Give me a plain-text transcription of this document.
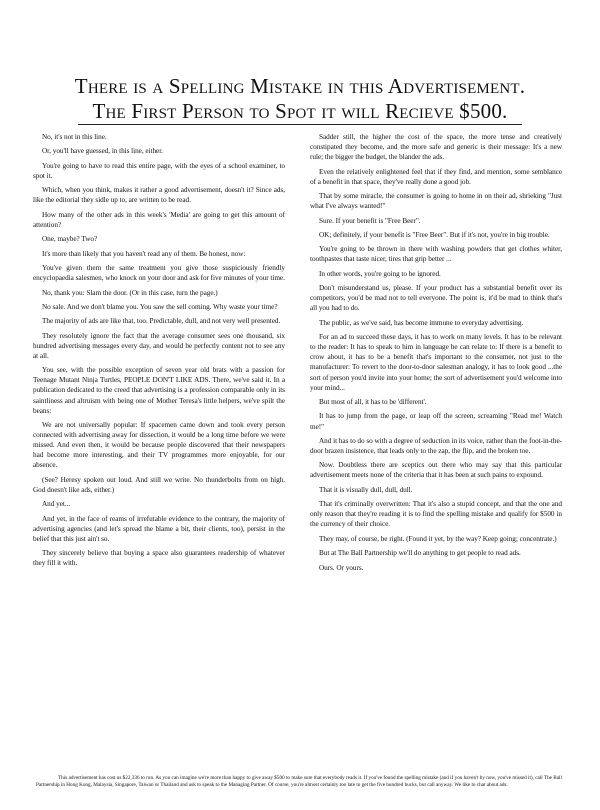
There is a Spelling Mistake in this Advertisement.
The First Person to Spot it will Recieve $500.

No, it's not in this line.

Or, you'll have guessed, in this line, either.

You're going to have to read this entire page, with the eyes of a school examiner, to spot it.

Which, when you think, makes it rather a good advertisement, doesn't it? Since ads, like the editorial they sidle up to, are written to be read.

How many of the other ads in this week's 'Media' are going to get this amount of attention?

One, maybe? Two?

It's more than likely that you haven't read any of them. Be honest, now:

You've given them the same treatment you give those suspiciously friendly encyclopaedia salesmen, who knock on your door and ask for five minutes of your time.

No, thank you: Slam the door. (Or in this case, turn the page.)

No sale. And we don't blame you. You saw the sell coming. Why waste your time?

The majority of ads are like that, too. Predictable, dull, and not very well presented.

They resolutely ignore the fact that the average consumer sees one thousand, six hundred advertising messages every day, and would be perfectly content not to see any at all.

You see, with the possible exception of seven year old brats with a passion for Teenage Mutant Ninja Turtles, PEOPLE DON'T LIKE ADS. There, we've said it. In a publication dedicated to the creed that advertising is a profession comparable only in its saintliness and altruism with being one of Mother Teresa's little helpers, we've spilt the beans:

We are not universally popular: If spacemen came down and took every person connected with advertising away for dissection, it would be a long time before we were missed. And even then, it would be because people discovered that their newspapers had become more interesting, and their TV programmes more enjoyable, for our absence.

(See? Heresy spoken out loud. And still we write. No thunderbolts from on high. God doesn't like ads, either.)

And yet...

And yet, in the face of reams of irrefutable evidence to the contrary, the majority of advertising agencies (and let's spread the blame a bit, their clients, too), persist in the belief that this just ain't so.

They sincerely believe that buying a space also guarantees readership of whatever they fill it with.

Sadder still, the higher the cost of the space, the more tense and creatively constipated they become, and the more safe and generic is their message: It's a new rule; the bigger the budget, the blander the ads.

Even the relatively enlightened feel that if they find, and mention, some semblance of a benefit in that space, they've really done a good job.

That by some miracle, the consumer is going to home in on their ad, shrieking "Just what I've always wanted!"

Sure. If your benefit is "Free Beer".

OK; definitely, if your benefit is "Free Beer". But if it's not, you're in big trouble.

You're going to be thrown in there with washing powders that get clothes whiter, toothpastes that taste nicer, tires that grip better ...

In other words, you're going to be ignored.

Don't misunderstand us, please. If your product has a substantial benefit over its competitors, you'd be mad not to tell everyone. The point is, it'd be mad to think that's all you had to do.

The public, as we've said, has become immune to everyday advertising.

For an ad to succeed these days, it has to work on many levels. It has to be relevant to the reader: It has to speak to him in language he can relate to: If there is a benefit to crow about, it has to be a benefit that's important to the consumer, not just to the manufacturer: To revert to the door-to-door salesman analogy, it has to look good ...the sort of person you'd invite into your home; the sort of advertisement you'd welcome into your mind...

But most of all, it has to be 'different'.

It has to jump from the page, or leap off the screen, screaming "Read me! Watch me!"

And it has to do so with a degree of seduction in its voice, rather than the foot-in-the-door brazen insistence, that leads only to the zap, the flip, and the broken toe.

Now. Doubtless there are sceptics out there who may say that this particular advertisement meets none of the criteria that it has been at such pains to expound.

That it is visually dull, dull, dull.

That it's criminally overwritten: That it's also a stupid concept, and that the one and only reason that they're reading it is to find the spelling mistake and qualify for $500 in the currency of their choice.

They may, of course, be right. (Found it yet, by the way? Keep going; concentrate.)

But at The Ball Partnership we'll do anything to get people to read ads.

Ours. Or yours.

This advertisement has cost us $22,336 to run. As you can imagine we're more than happy to give away $500 to make sure that everybody reads it. If you've found the spelling mistake (and if you haven't by now, you've missed it), call The Ball Partnership in Hong Kong, Malaysia, Singapore, Taiwan or Thailand and ask to speak to the Managing Partner. Of course, you're almost certainly too late to get the five hundred bucks, but call anyway. We like to chat about ads.
